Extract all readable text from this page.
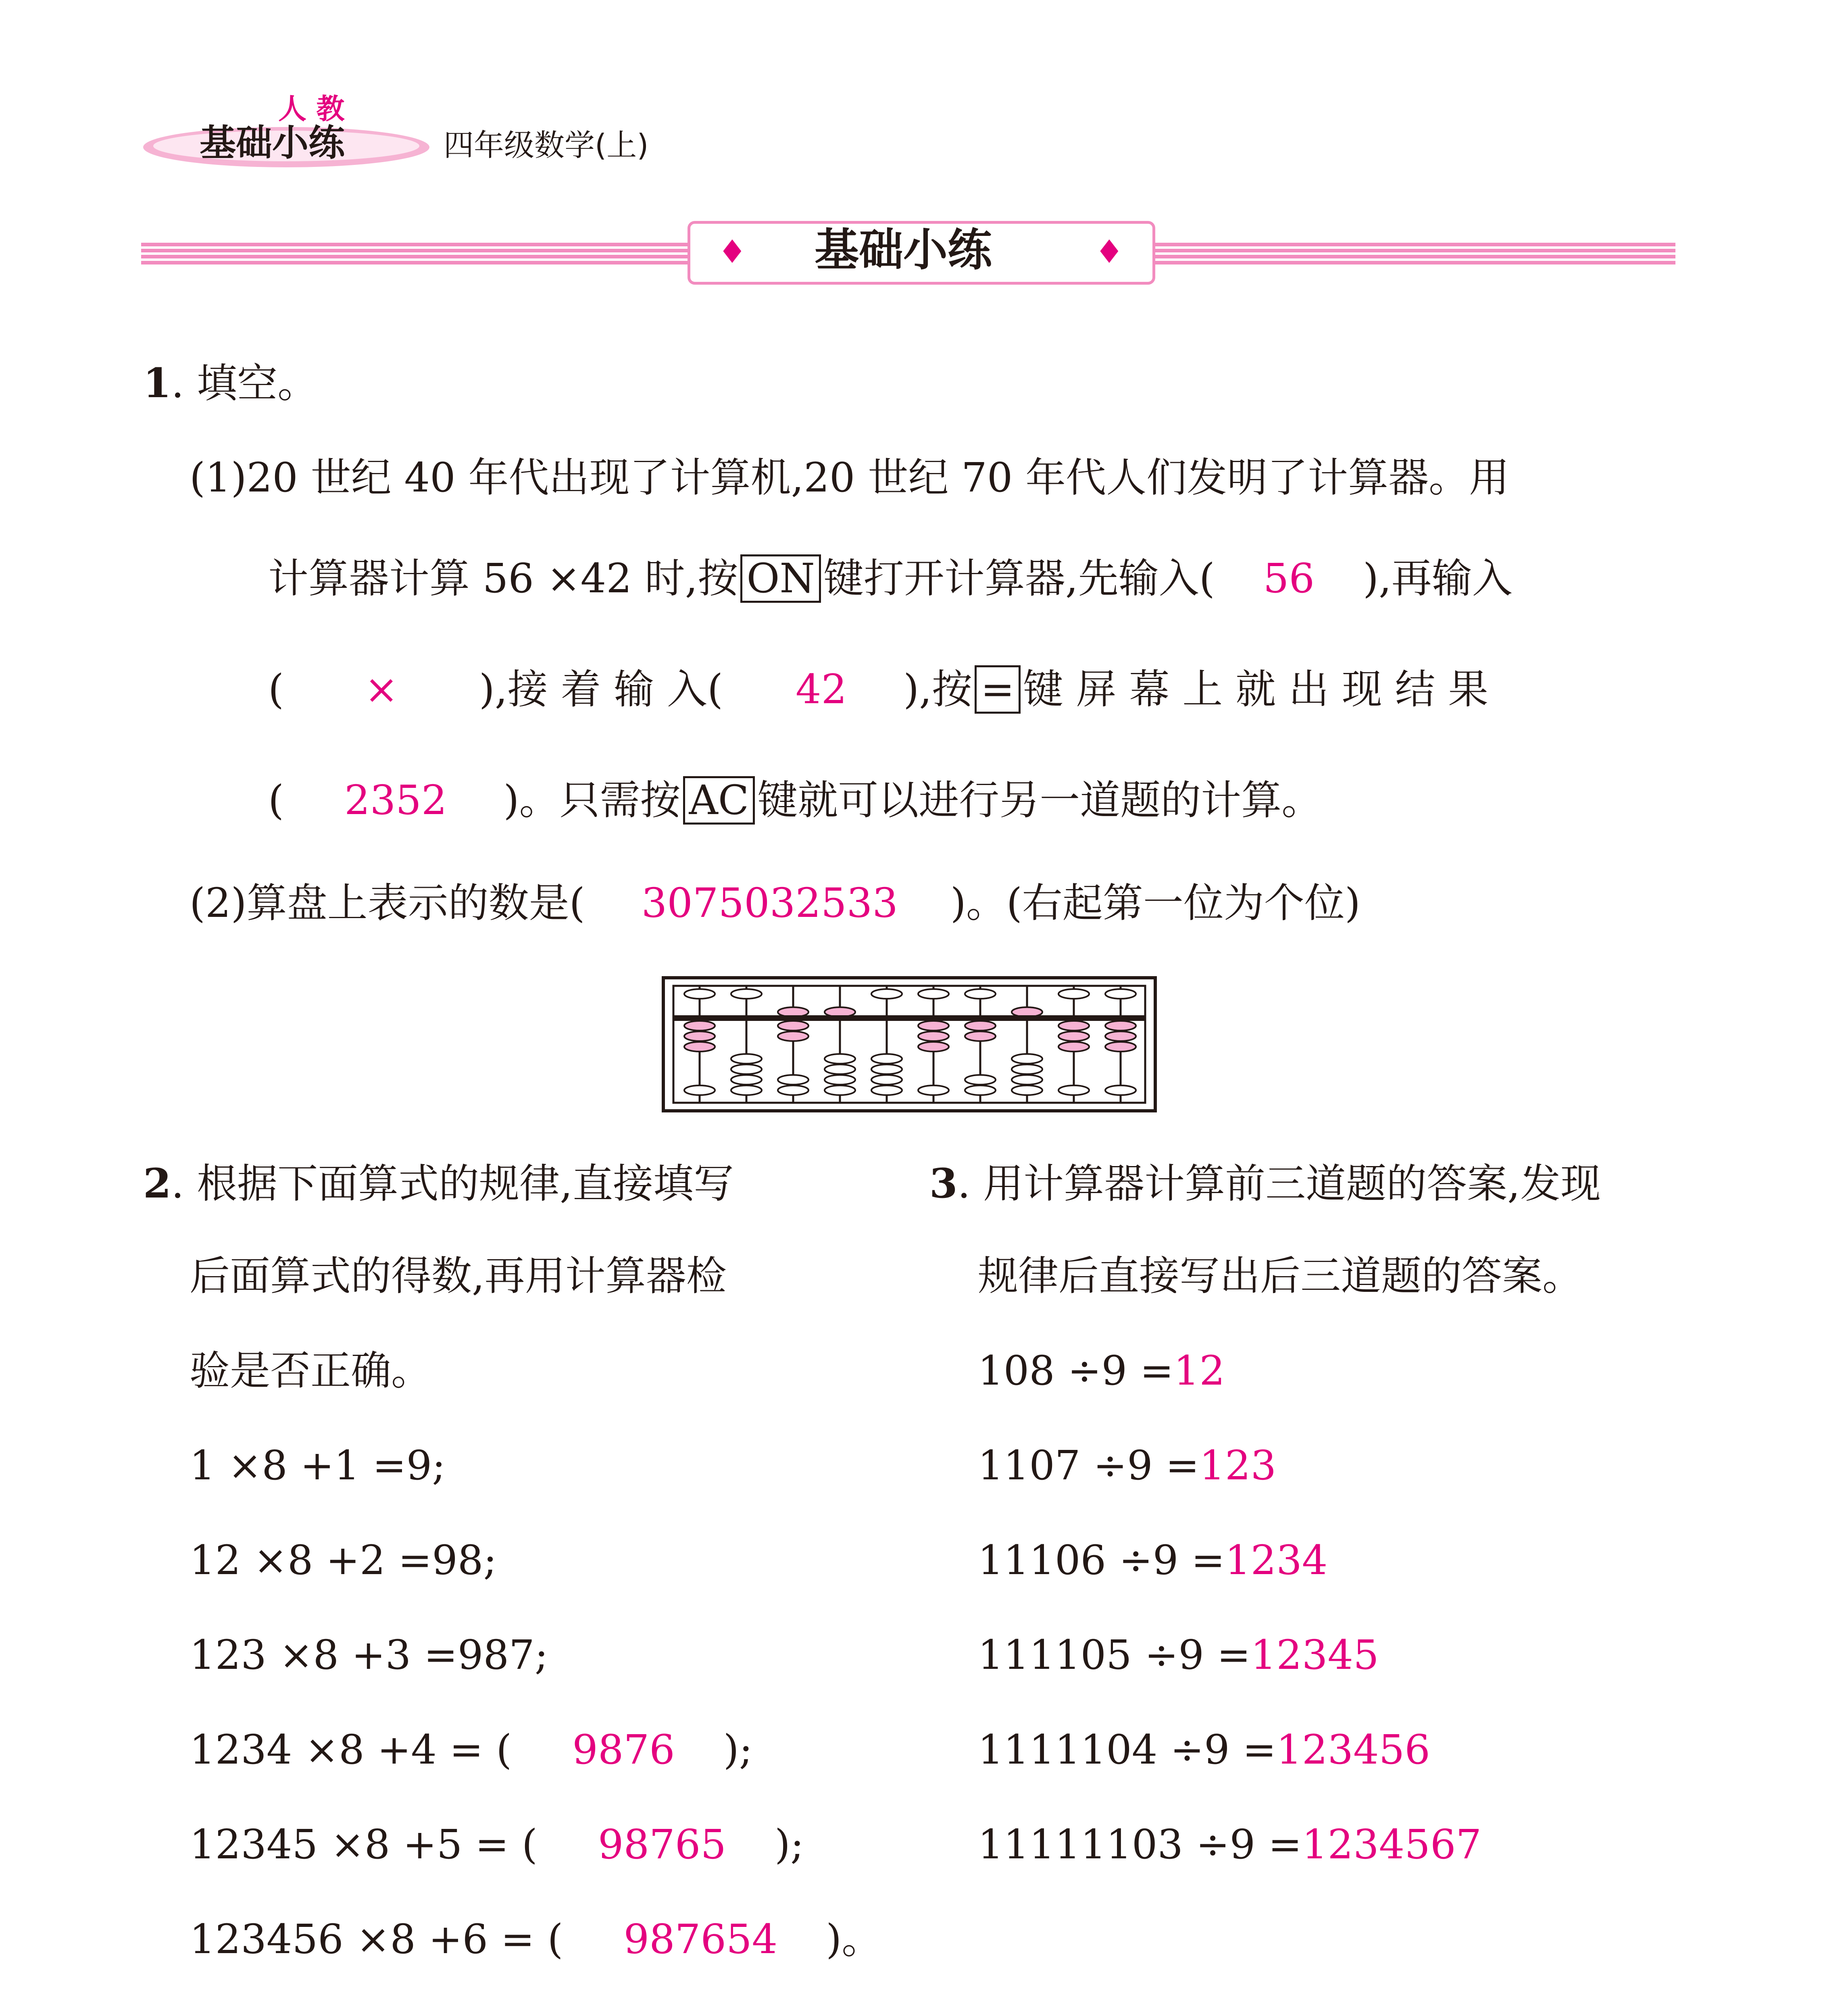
人 教
基础小练	四年级数学(上)
♦ 基础小练	♦
1. 填空。
(1)20 世纪 40 年代出现了计算机,20 世纪 70 年代人们发明了计算器。用
计算器计算 56 ×42 时,按 ON 键打开计算器,先输入( 56 ),再输入
( × ),接 着 输 入( 42 ),按 = 键 屏 幕 上 就 出 现 结 果
( 2352 )。只需按 AC 键就可以进行另一道题的计算。
(2)算盘上表示的数是( 3075032533 )。(右起第一位为个位)
2. 根据下面算式的规律,直接填写
后面算式的得数,再用计算器检
验是否正确。
1 ×8 +1 =9;
12 ×8 +2 =98;
123 ×8 +3 =987;
1234 ×8 +4 = ( 9876 );
12345 ×8 +5 = ( 98765 );
123456 ×8 +6 = ( 987654 )。
3. 用计算器计算前三道题的答案,发现
规律后直接写出后三道题的答案。
108 ÷9 =12
1107 ÷9 =123
11106 ÷9 =1234
111105 ÷9 =12345
1111104 ÷9 =123456
11111103 ÷9 =1234567
